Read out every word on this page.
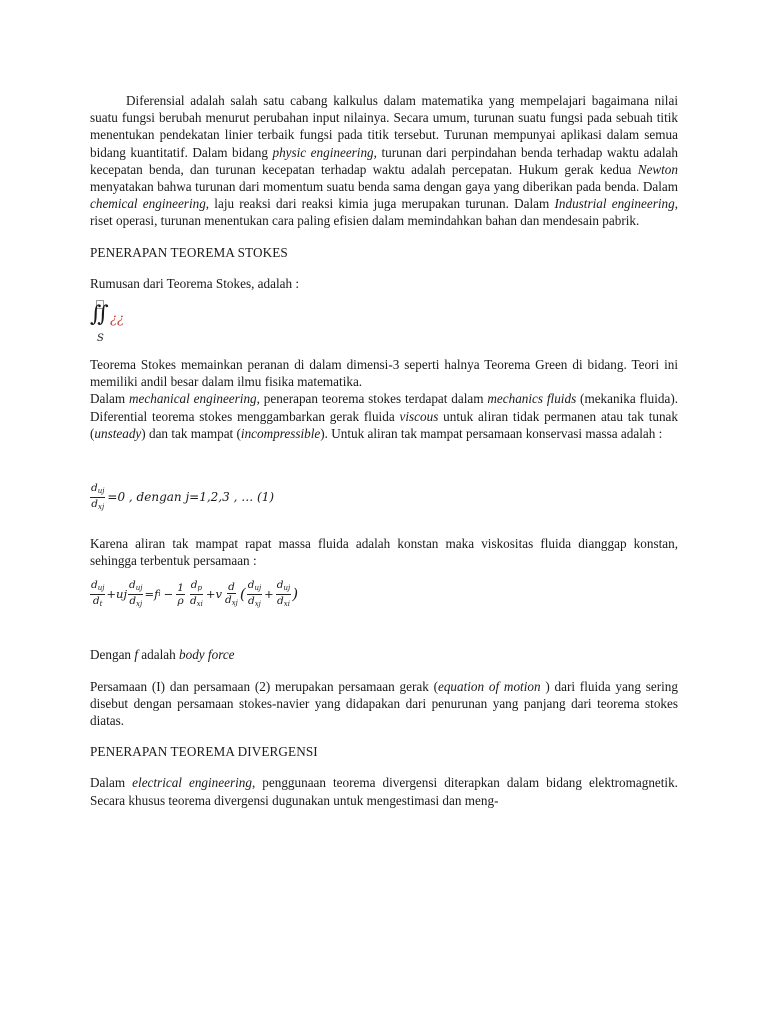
Diferensial adalah salah satu cabang kalkulus dalam matematika yang mempelajari bagaimana nilai suatu fungsi berubah menurut perubahan input nilainya. Secara umum, turunan suatu fungsi pada sebuah titik menentukan pendekatan linier terbaik fungsi pada titik tersebut. Turunan mempunyai aplikasi dalam semua bidang kuantitatif. Dalam bidang physic engineering, turunan dari perpindahan benda terhadap waktu adalah kecepatan benda, dan turunan kecepatan terhadap waktu adalah percepatan. Hukum gerak kedua Newton menyatakan bahwa turunan dari momentum suatu benda sama dengan gaya yang diberikan pada benda. Dalam chemical engineering, laju reaksi dari reaksi kimia juga merupakan turunan. Dalam Industrial engineering, riset operasi, turunan menentukan cara paling efisien dalam memindahkan bahan dan mendesain pabrik.

PENERAPAN TEOREMA STOKES

Rumusan dari Teorema Stokes, adalah :

∬
S
¿¿

Teorema Stokes memainkan peranan di dalam dimensi-3 seperti halnya Teorema Green di bidang. Teori ini memiliki andil besar dalam ilmu fisika matematika.

Dalam mechanical engineering, penerapan teorema stokes terdapat dalam mechanics fluids (mekanika fluida). Diferential teorema stokes menggambarkan gerak fluida viscous untuk aliran tidak permanen atau tak tunak (unsteady) dan tak mampat (incompressible). Untuk aliran tak mampat persamaan konservasi massa adalah :

$\frac{d_{uj}}{d_{xj}} =0$ , dengan j=1,2,3 , … (1)

Karena aliran tak mampat rapat massa fluida adalah konstan maka viskositas fluida dianggap konstan, sehingga terbentuk persamaan :

$\frac{d_{uj}}{d_t} +uj \frac{d_{uj}}{d_{xj}} =f$ $i - \frac{1}{\rho} \frac{d_p}{d_{xi}} +v \frac{d}{d_{xj}}$ ( $\frac{d_{uj}}{d_{xj}} + \frac{d_{uj}}{d_{xi}}$ )

Dengan f adalah body force

Persamaan (I) dan persamaan (2) merupakan persamaan gerak (equation of motion ) dari fluida yang sering disebut dengan persamaan stokes-navier yang didapakan dari penurunan yang panjang dari teorema stokes diatas.

PENERAPAN TEOREMA DIVERGENSI

Dalam electrical engineering, penggunaan teorema divergensi diterapkan dalam bidang elektromagnetik. Secara khusus teorema divergensi dugunakan untuk mengestimasi dan meng-
